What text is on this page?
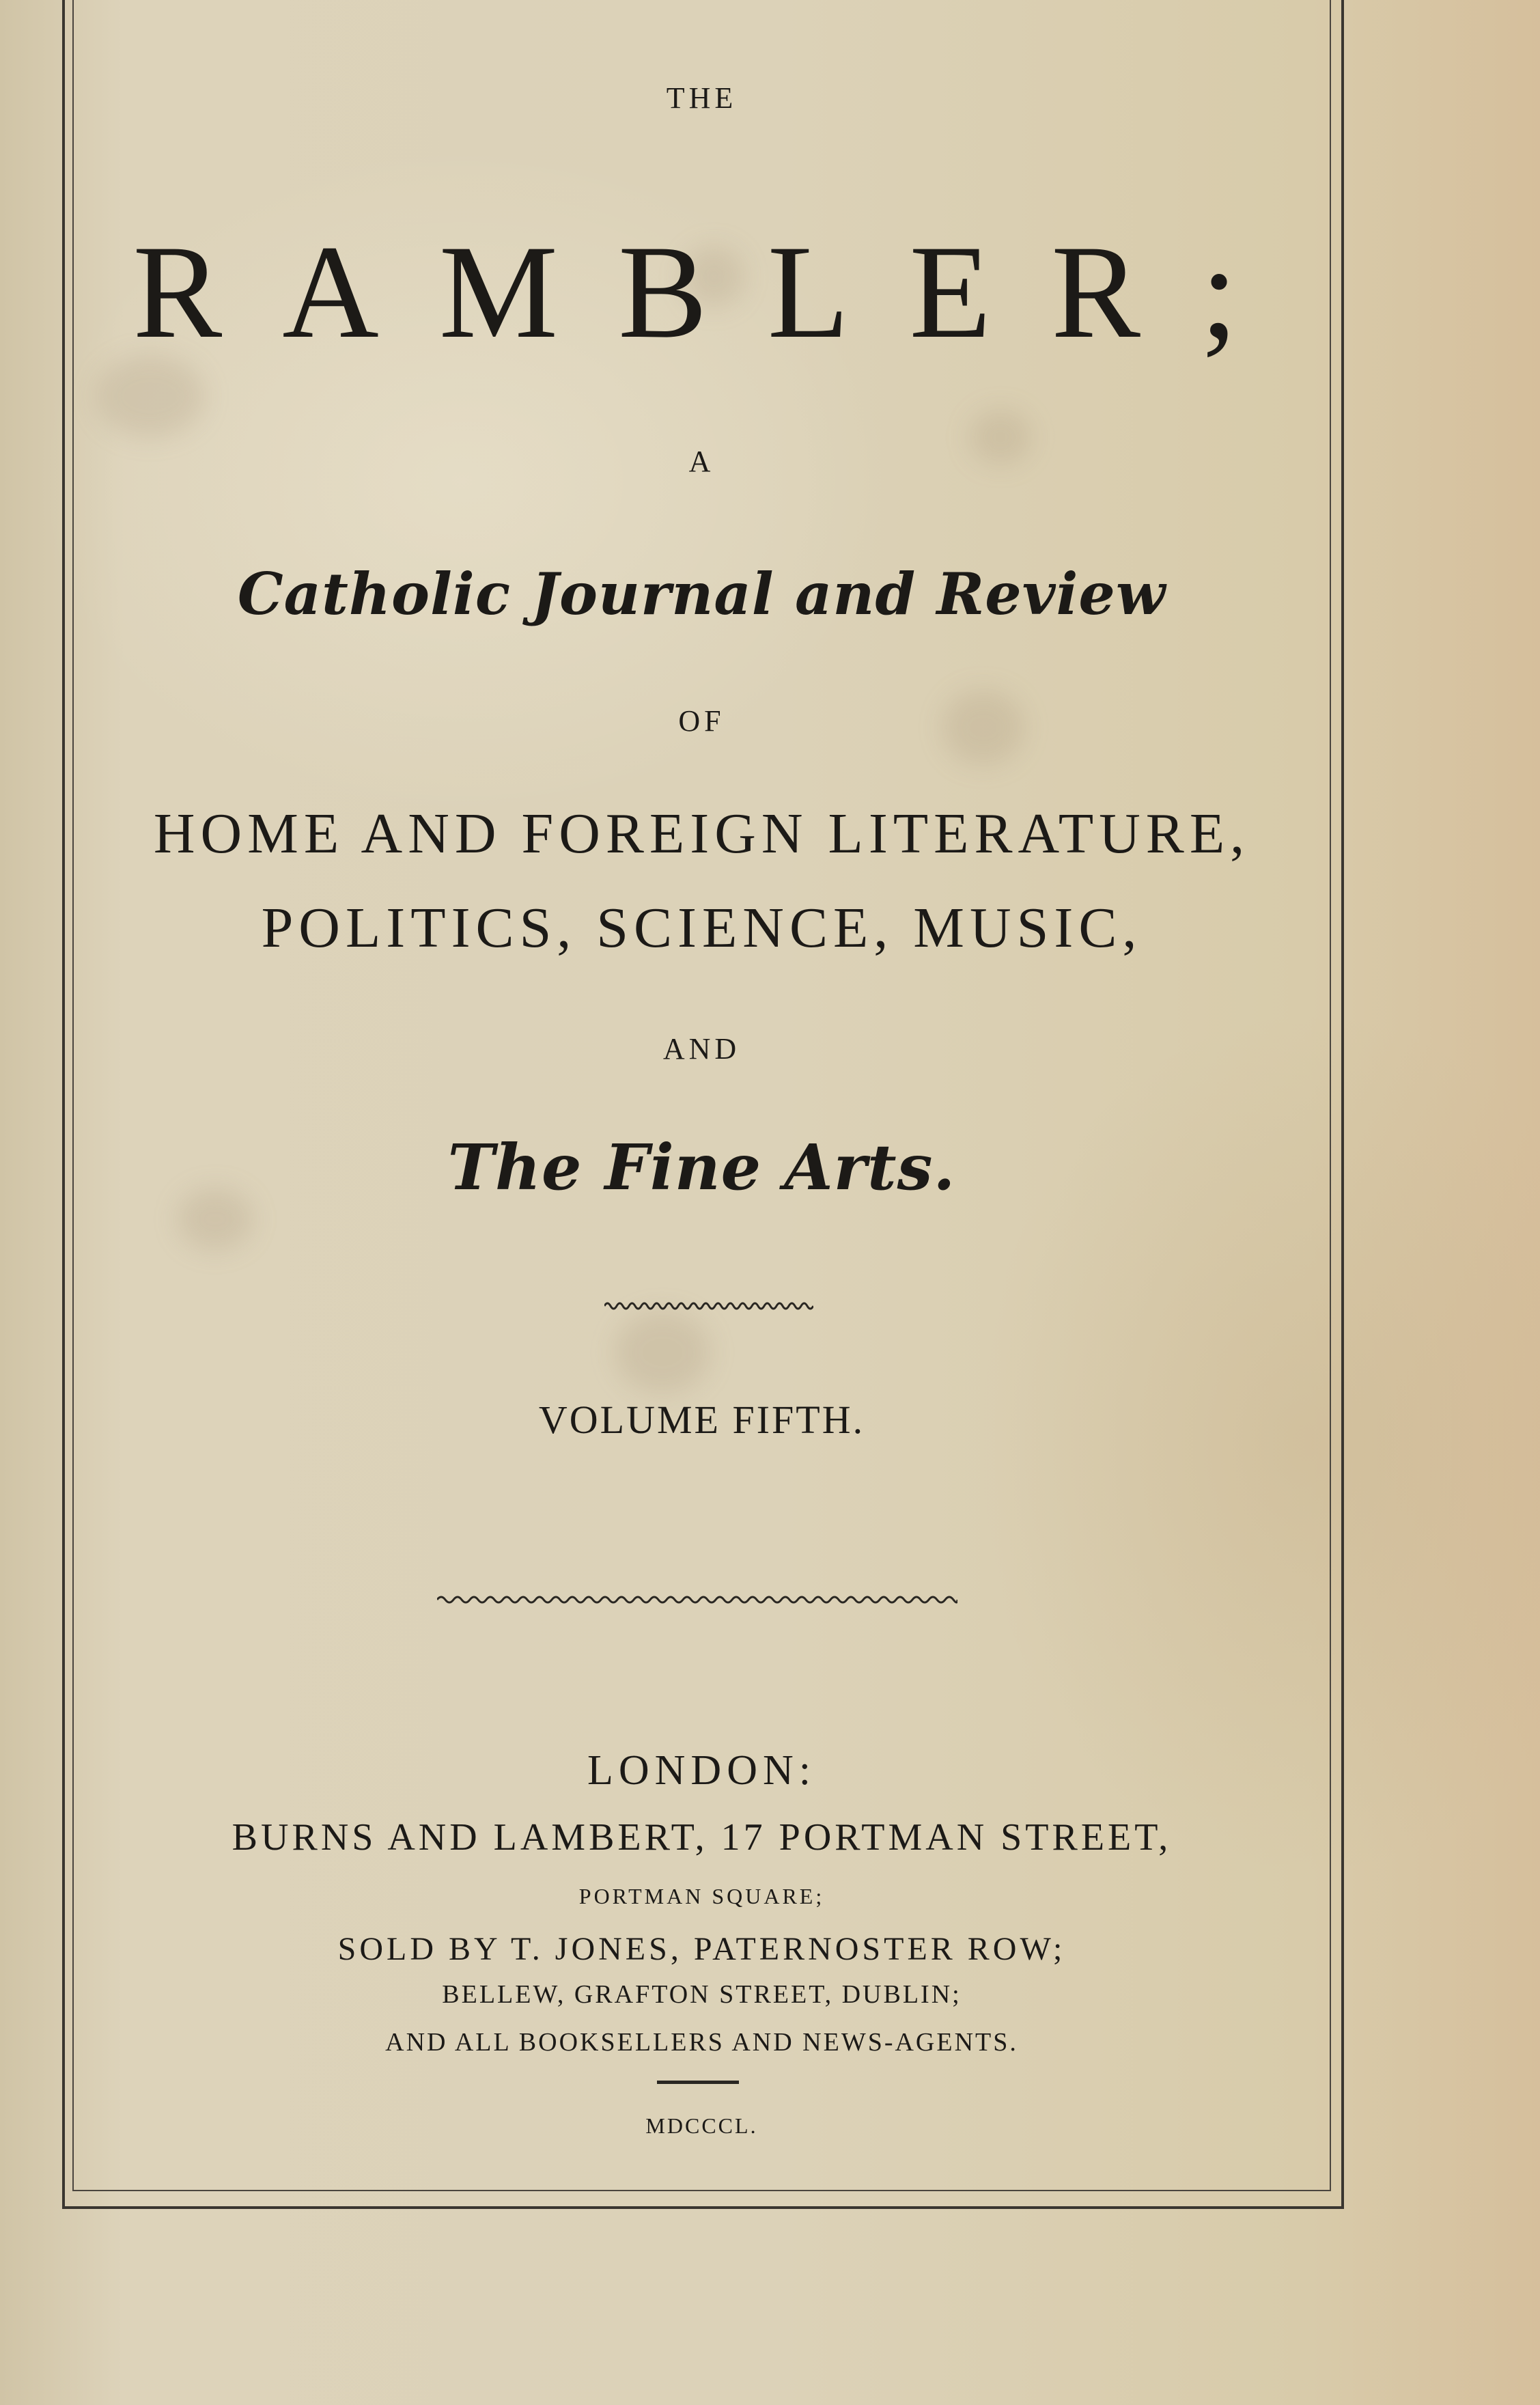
THE
RAMBLER;
A
Catholic Journal and Review
OF
HOME AND FOREIGN LITERATURE,
POLITICS, SCIENCE, MUSIC,
AND
The Fine Arts.
VOLUME FIFTH.
LONDON:
BURNS AND LAMBERT, 17 PORTMAN STREET,
PORTMAN SQUARE;
SOLD BY T. JONES, PATERNOSTER ROW;
BELLEW, GRAFTON STREET, DUBLIN;
AND ALL BOOKSELLERS AND NEWS-AGENTS.
MDCCCL.
